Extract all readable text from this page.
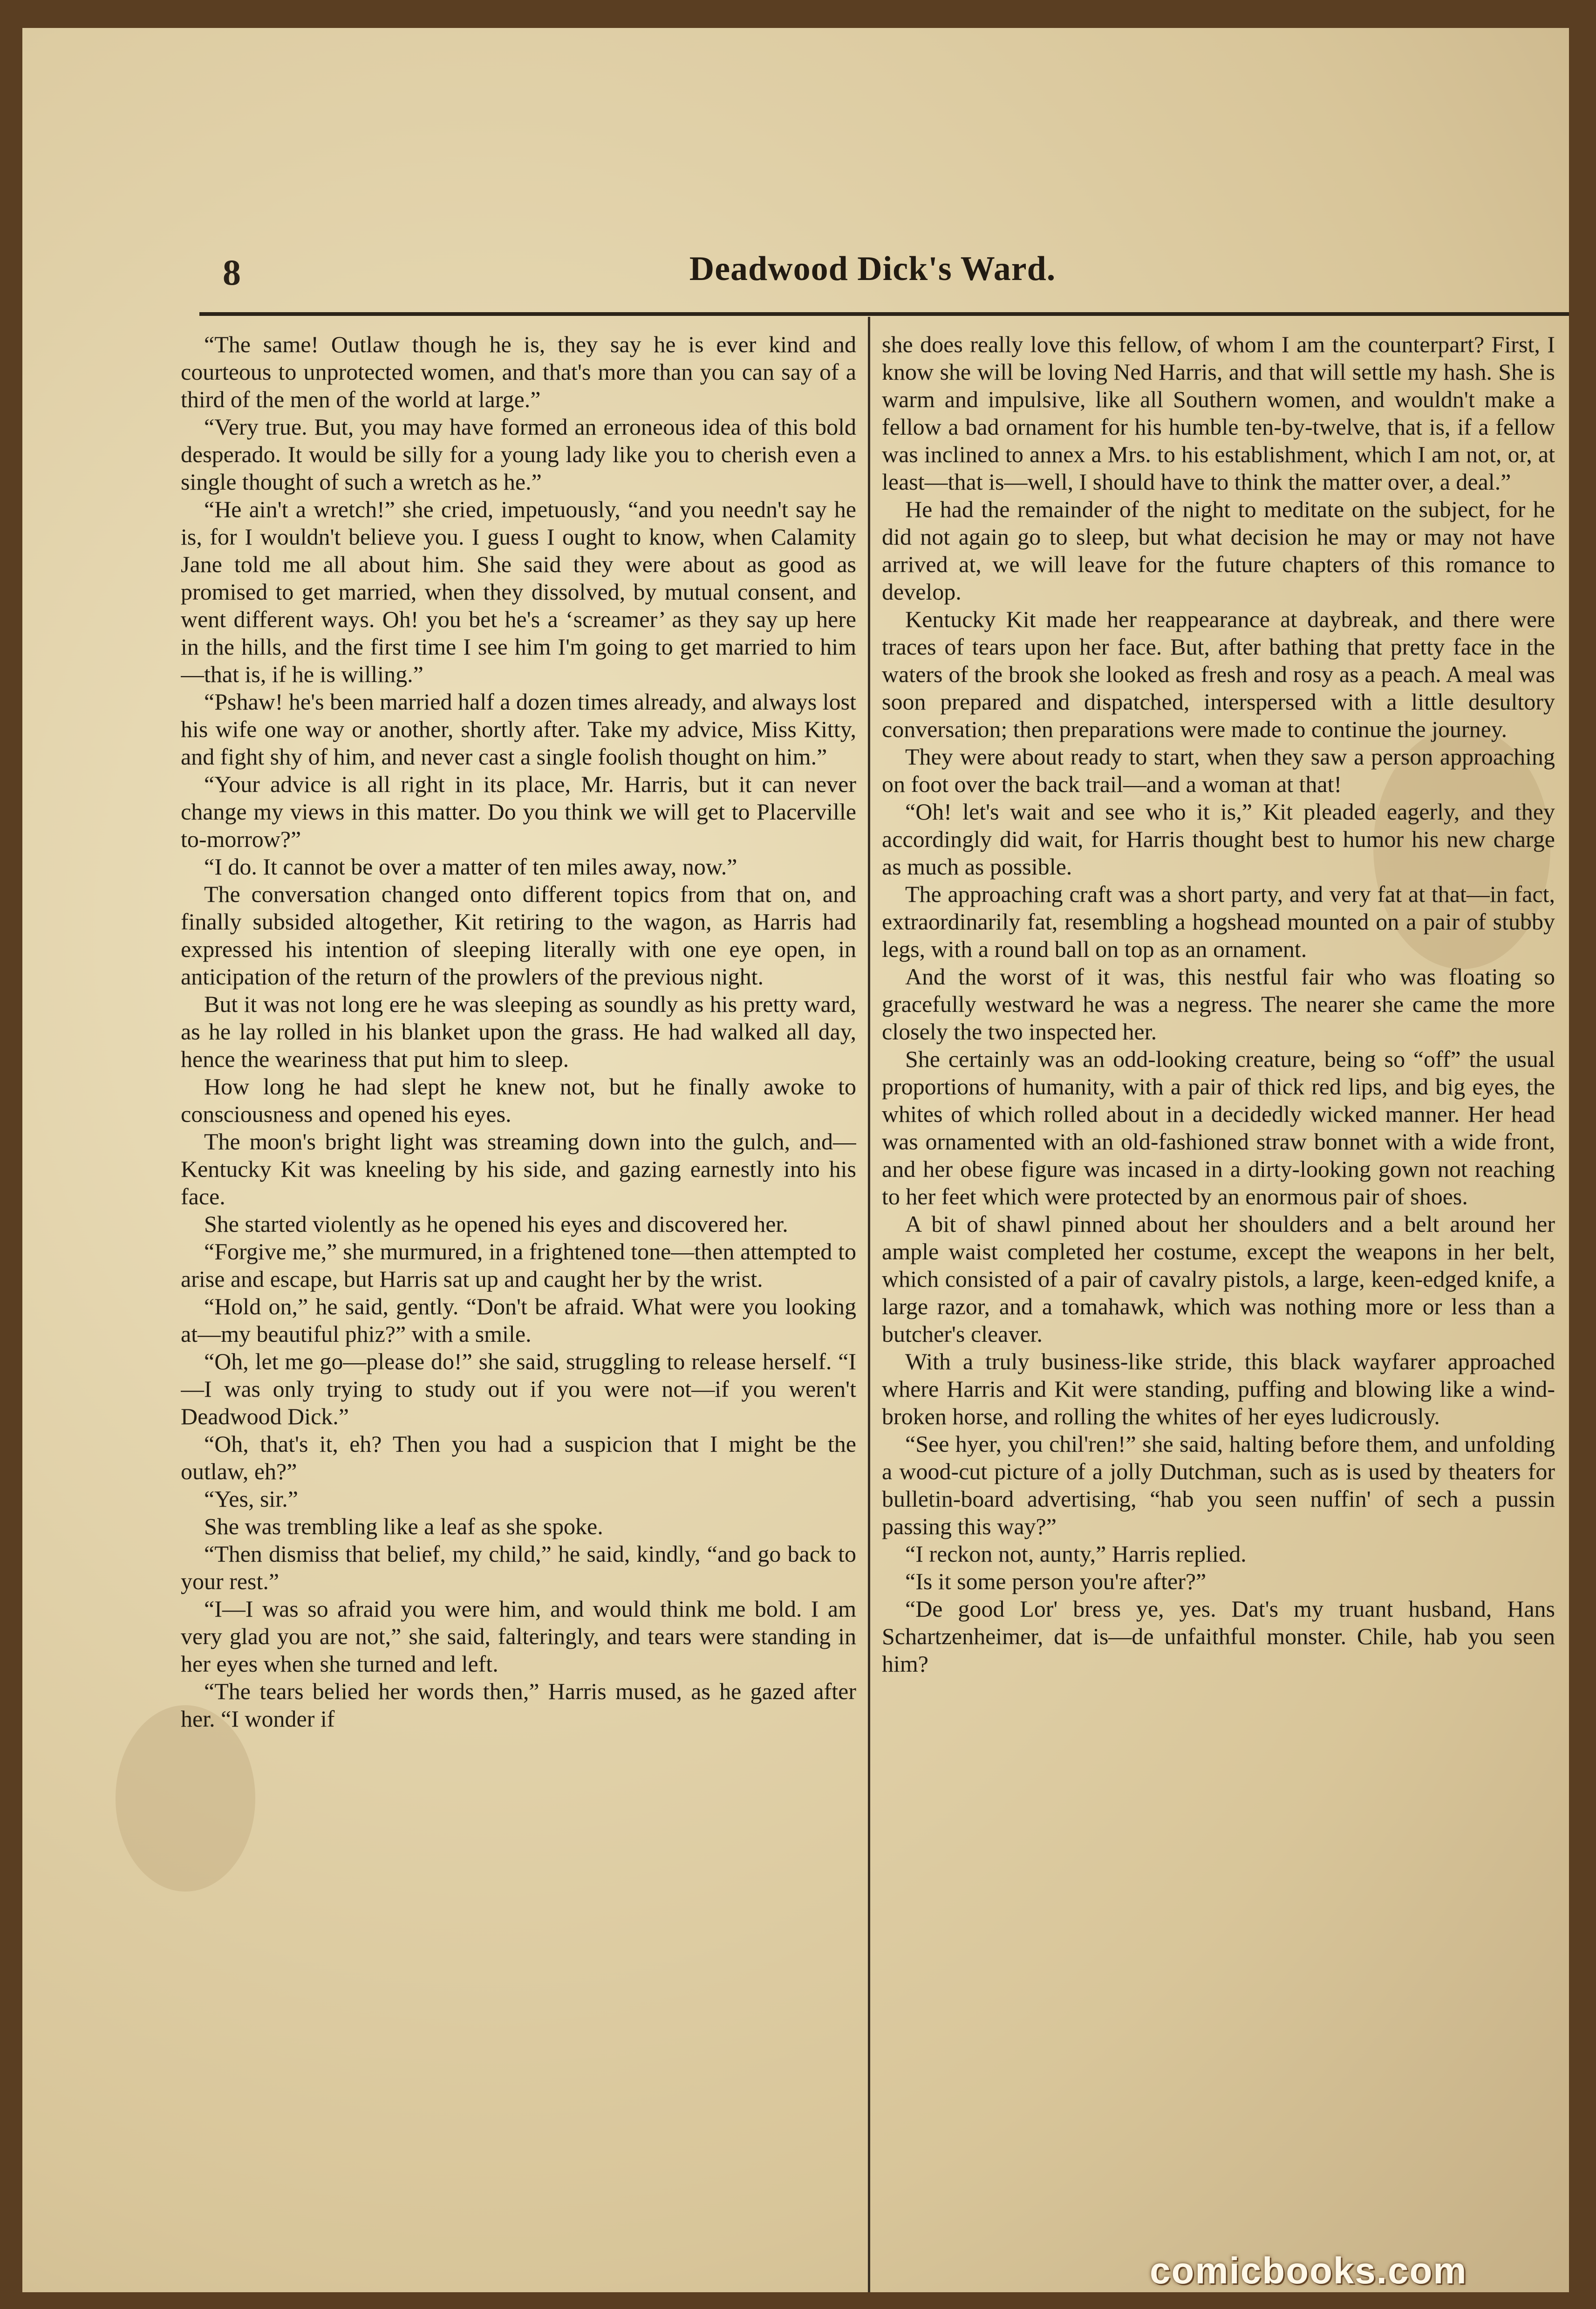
8	Deadwood Dick's Ward.

“The same! Outlaw though he is, they say he is ever kind and courteous to unprotected women, and that's more than you can say of a third of the men of the world at large.”

“Very true. But, you may have formed an erroneous idea of this bold desperado. It would be silly for a young lady like you to cherish even a single thought of such a wretch as he.”

“He ain't a wretch!” she cried, impetuously, “and you needn't say he is, for I wouldn't believe you. I guess I ought to know, when Calamity Jane told me all about him. She said they were about as good as promised to get married, when they dissolved, by mutual consent, and went different ways. Oh! you bet he's a ‘screamer’ as they say up here in the hills, and the first time I see him I'm going to get married to him—that is, if he is willing.”

“Pshaw! he's been married half a dozen times already, and always lost his wife one way or another, shortly after. Take my advice, Miss Kitty, and fight shy of him, and never cast a single foolish thought on him.”

“Your advice is all right in its place, Mr. Harris, but it can never change my views in this matter. Do you think we will get to Placerville to-morrow?”

“I do. It cannot be over a matter of ten miles away, now.”

The conversation changed onto different topics from that on, and finally subsided altogether, Kit retiring to the wagon, as Harris had expressed his intention of sleeping literally with one eye open, in anticipation of the return of the prowlers of the previous night.

But it was not long ere he was sleeping as soundly as his pretty ward, as he lay rolled in his blanket upon the grass. He had walked all day, hence the weariness that put him to sleep.

How long he had slept he knew not, but he finally awoke to consciousness and opened his eyes.

The moon's bright light was streaming down into the gulch, and—Kentucky Kit was kneeling by his side, and gazing earnestly into his face.

She started violently as he opened his eyes and discovered her.

“Forgive me,” she murmured, in a frightened tone—then attempted to arise and escape, but Harris sat up and caught her by the wrist.

“Hold on,” he said, gently. “Don't be afraid. What were you looking at—my beautiful phiz?” with a smile.

“Oh, let me go—please do!” she said, struggling to release herself. “I—I was only trying to study out if you were not—if you weren't Deadwood Dick.”

“Oh, that's it, eh? Then you had a suspicion that I might be the outlaw, eh?”

“Yes, sir.”

She was trembling like a leaf as she spoke.

“Then dismiss that belief, my child,” he said, kindly, “and go back to your rest.”

“I—I was so afraid you were him, and would think me bold. I am very glad you are not,” she said, falteringly, and tears were standing in her eyes when she turned and left.

“The tears belied her words then,” Harris mused, as he gazed after her. “I wonder if

she does really love this fellow, of whom I am the counterpart? First, I know she will be loving Ned Harris, and that will settle my hash. She is warm and impulsive, like all Southern women, and wouldn't make a fellow a bad ornament for his humble ten-by-twelve, that is, if a fellow was inclined to annex a Mrs. to his establishment, which I am not, or, at least—that is—well, I should have to think the matter over, a deal.”

He had the remainder of the night to meditate on the subject, for he did not again go to sleep, but what decision he may or may not have arrived at, we will leave for the future chapters of this romance to develop.

Kentucky Kit made her reappearance at daybreak, and there were traces of tears upon her face. But, after bathing that pretty face in the waters of the brook she looked as fresh and rosy as a peach. A meal was soon prepared and dispatched, interspersed with a little desultory conversation; then preparations were made to continue the journey.

They were about ready to start, when they saw a person approaching on foot over the back trail—and a woman at that!

“Oh! let's wait and see who it is,” Kit pleaded eagerly, and they accordingly did wait, for Harris thought best to humor his new charge as much as possible.

The approaching craft was a short party, and very fat at that—in fact, extraordinarily fat, resembling a hogshead mounted on a pair of stubby legs, with a round ball on top as an ornament.

And the worst of it was, this nestful fair who was floating so gracefully westward he was a negress. The nearer she came the more closely the two inspected her.

She certainly was an odd-looking creature, being so “off” the usual proportions of humanity, with a pair of thick red lips, and big eyes, the whites of which rolled about in a decidedly wicked manner. Her head was ornamented with an old-fashioned straw bonnet with a wide front, and her obese figure was incased in a dirty-looking gown not reaching to her feet which were protected by an enormous pair of shoes.

A bit of shawl pinned about her shoulders and a belt around her ample waist completed her costume, except the weapons in her belt, which consisted of a pair of cavalry pistols, a large, keen-edged knife, a large razor, and a tomahawk, which was nothing more or less than a butcher's cleaver.

With a truly business-like stride, this black wayfarer approached where Harris and Kit were standing, puffing and blowing like a wind-broken horse, and rolling the whites of her eyes ludicrously.

“See hyer, you chil'ren!” she said, halting before them, and unfolding a wood-cut picture of a jolly Dutchman, such as is used by theaters for bulletin-board advertising, “hab you seen nuffin' of sech a pussin passing this way?”

“I reckon not, aunty,” Harris replied.

“Is it some person you're after?”

“De good Lor' bress ye, yes. Dat's my truant husband, Hans Schartzenheimer, dat is—de unfaithful monster. Chile, hab you seen him?

comicbooks.com
